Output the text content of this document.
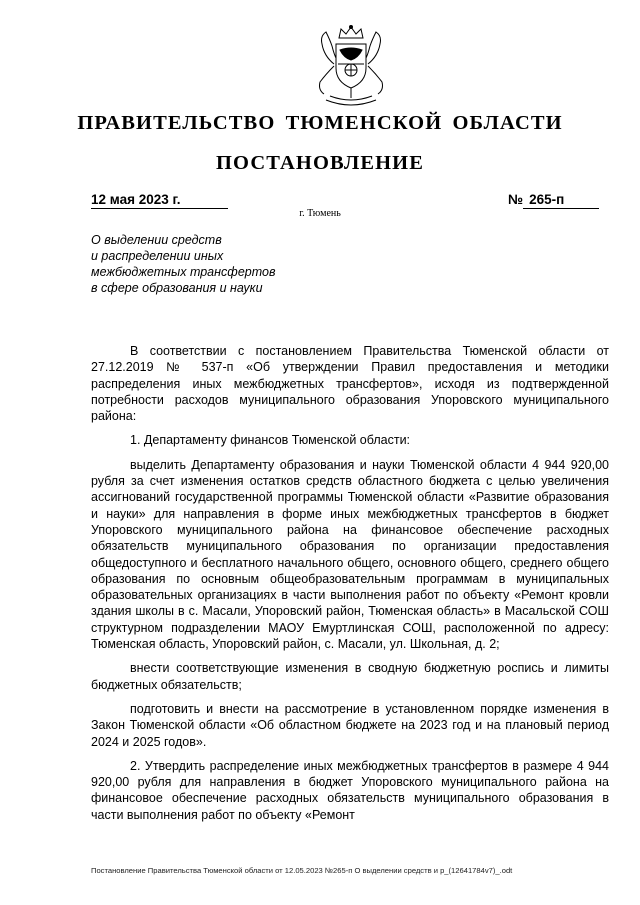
ПРАВИТЕЛЬСТВО ТЮМЕНСКОЙ ОБЛАСТИ
ПОСТАНОВЛЕНИЕ
12 мая 2023 г.	№ 265-п
г. Тюмень
О выделении средств
и распределении иных
межбюджетных трансфертов
в сфере образования и науки

В соответствии с постановлением Правительства Тюменской области от 27.12.2019 № 537-п «Об утверждении Правил предоставления и методики распределения иных межбюджетных трансфертов», исходя из подтвержденной потребности расходов муниципального образования Упоровского муниципального района:

1. Департаменту финансов Тюменской области:

выделить Департаменту образования и науки Тюменской области 4 944 920,00 рубля за счет изменения остатков средств областного бюджета с целью увеличения ассигнований государственной программы Тюменской области «Развитие образования и науки» для направления в форме иных межбюджетных трансфертов в бюджет Упоровского муниципального района на финансовое обеспечение расходных обязательств муниципального образования по организации предоставления общедоступного и бесплатного начального общего, основного общего, среднего общего образования по основным общеобразовательным программам в муниципальных образовательных организациях в части выполнения работ по объекту «Ремонт кровли здания школы в с. Масали, Упоровский район, Тюменская область» в Масальской СОШ структурном подразделении МАОУ Емуртлинская СОШ, расположенной по адресу: Тюменская область, Упоровский район, с. Масали, ул. Школьная, д. 2;

внести соответствующие изменения в сводную бюджетную роспись и лимиты бюджетных обязательств;

подготовить и внести на рассмотрение в установленном порядке изменения в Закон Тюменской области «Об областном бюджете на 2023 год и на плановый период 2024 и 2025 годов».

2. Утвердить распределение иных межбюджетных трансфертов в размере 4 944 920,00 рубля для направления в бюджет Упоровского муниципального района на финансовое обеспечение расходных обязательств муниципального образования в части выполнения работ по объекту «Ремонт

Постановление Правительства Тюменской области от 12.05.2023 №265-п О выделении средств и р_(12641784v7)_.odt
